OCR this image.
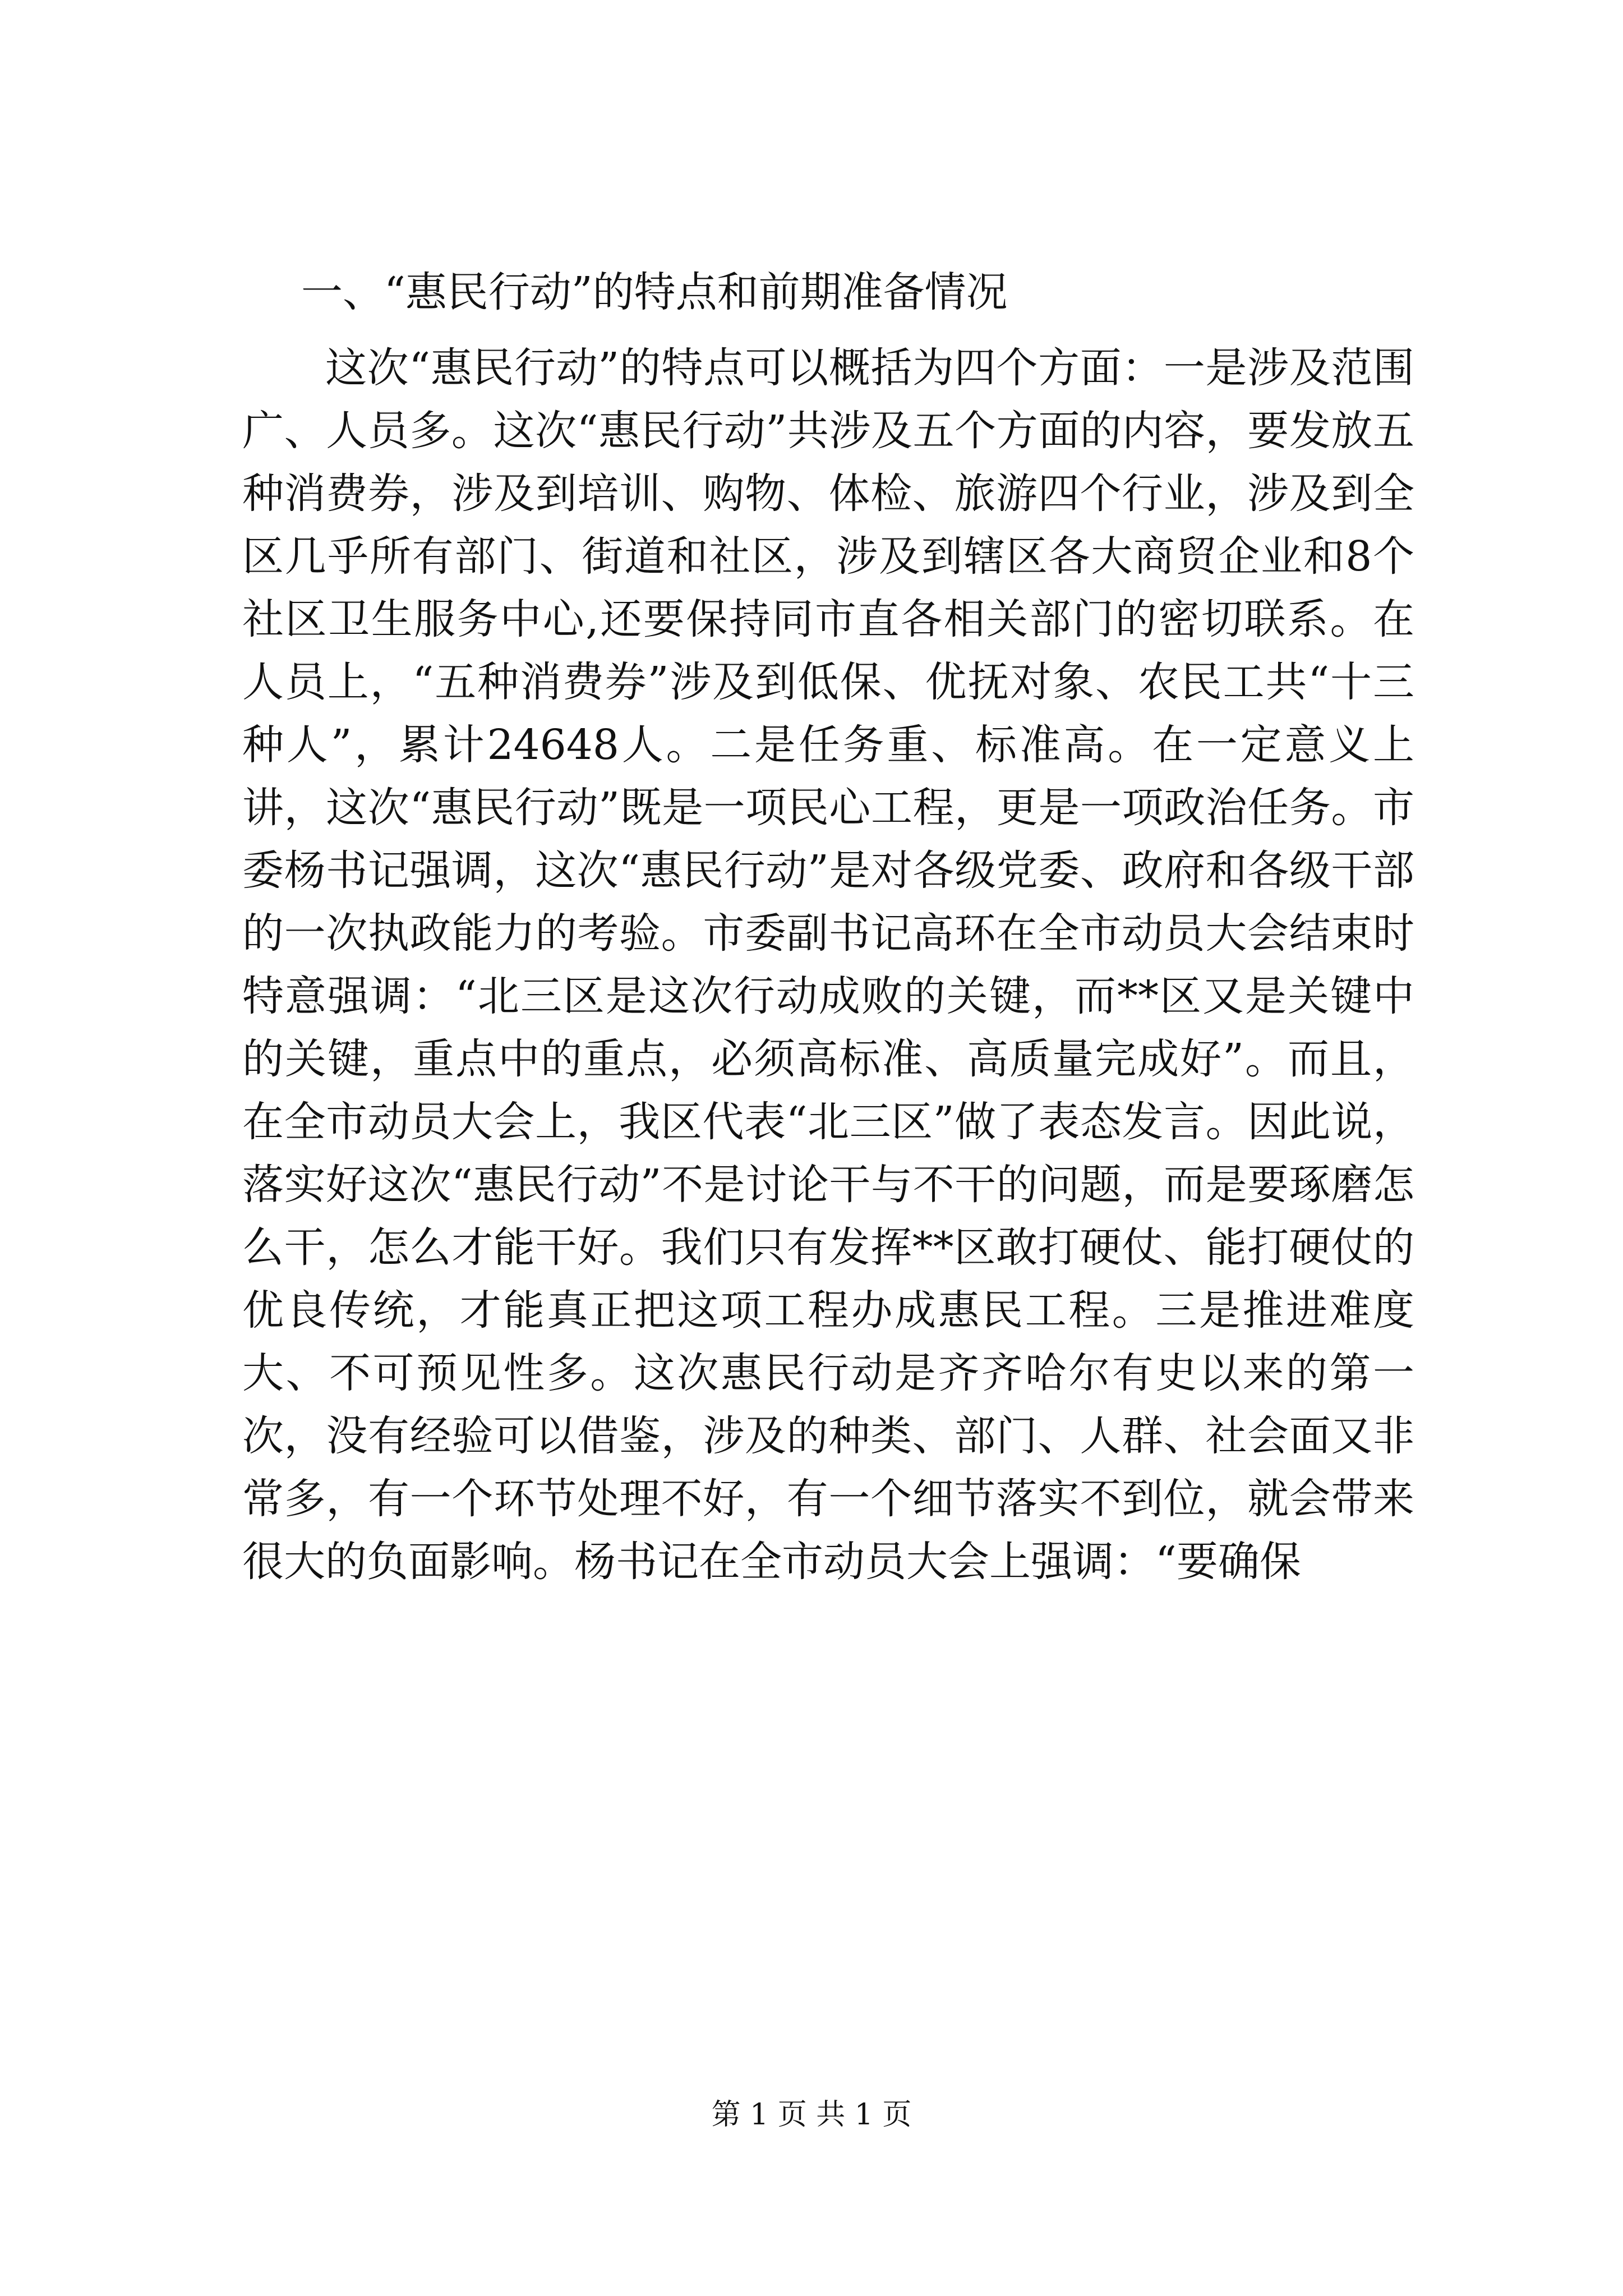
一、“惠民行动”的特点和前期准备情况

这次“惠民行动”的特点可以概括为四个方面：一是涉及范围广、人员多。这次“惠民行动”共涉及五个方面的内容，要发放五种消费券，涉及到培训、购物、体检、旅游四个行业，涉及到全区几乎所有部门、街道和社区，涉及到辖区各大商贸企业和8个社区卫生服务中心,还要保持同市直各相关部门的密切联系。在人员上，“五种消费券”涉及到低保、优抚对象、农民工共“十三种人”，累计24648人。二是任务重、标准高。在一定意义上讲，这次“惠民行动”既是一项民心工程，更是一项政治任务。市委杨书记强调，这次“惠民行动”是对各级党委、政府和各级干部的一次执政能力的考验。市委副书记高环在全市动员大会结束时特意强调：“北三区是这次行动成败的关键，而**区又是关键中的关键，重点中的重点，必须高标准、高质量完成好”。而且，在全市动员大会上，我区代表“北三区”做了表态发言。因此说，落实好这次“惠民行动”不是讨论干与不干的问题，而是要琢磨怎么干，怎么才能干好。我们只有发挥**区敢打硬仗、能打硬仗的优良传统，才能真正把这项工程办成惠民工程。三是推进难度大、不可预见性多。这次惠民行动是齐齐哈尔有史以来的第一次，没有经验可以借鉴，涉及的种类、部门、人群、社会面又非常多，有一个环节处理不好，有一个细节落实不到位，就会带来很大的负面影响。杨书记在全市动员大会上强调：“要确保

第 1 页 共 1 页
